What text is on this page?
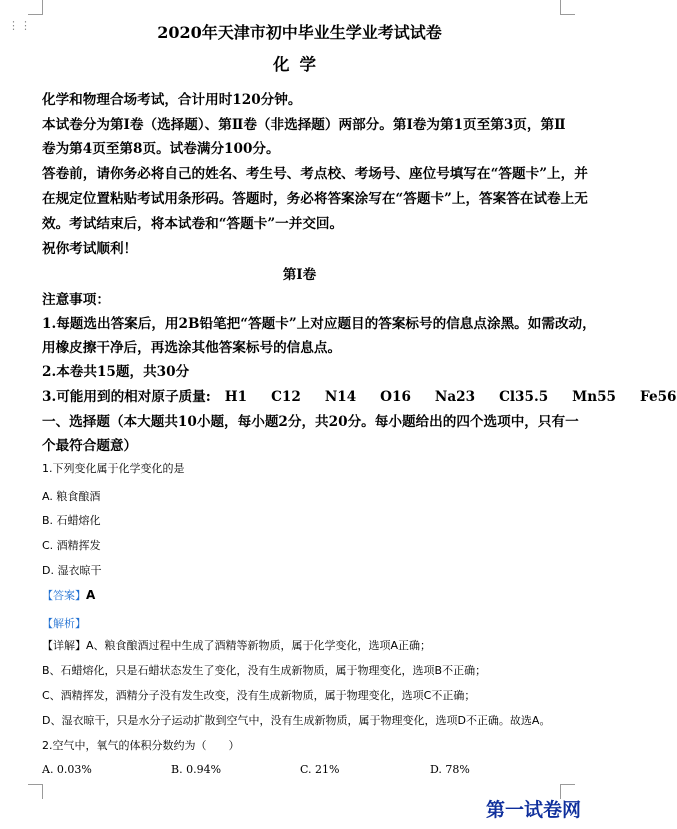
⋮⋮	2020年天津市初中毕业生学业考试试卷
化学
化学和物理合场考试，合计用时120分钟。
本试卷分为第Ⅰ卷（选择题）、第Ⅱ卷（非选择题）两部分。第Ⅰ卷为第1页至第3页，第Ⅱ
卷为第4页至第8页。试卷满分100分。
答卷前，请你务必将自己的姓名、考生号、考点校、考场号、座位号填写在“答题卡”上，并
在规定位置粘贴考试用条形码。答题时，务必将答案涂写在“答题卡”上，答案答在试卷上无
效。考试结束后，将本试卷和“答题卡”一并交回。
祝你考试顺利！
第Ⅰ卷
注意事项：
1.每题选出答案后，用2B铅笔把“答题卡”上对应题目的答案标号的信息点涂黑。如需改动，
用橡皮擦干净后，再选涂其他答案标号的信息点。
2.本卷共15题，共30分
3.可能用到的相对原子质量: H1 C12 N14 O16 Na23 Cl35.5 Mn55 Fe56
一、选择题（本大题共10小题，每小题2分，共20分。每小题给出的四个选项中，只有一
个最符合题意）
1.下列变化属于化学变化的是
A. 粮食酿酒
B. 石蜡熔化
C. 酒精挥发
D. 湿衣晾干
【答案】A
【解析】
【详解】A、粮食酿酒过程中生成了酒精等新物质，属于化学变化，选项A正确；
B、石蜡熔化，只是石蜡状态发生了变化，没有生成新物质，属于物理变化，选项B不正确；
C、酒精挥发，酒精分子没有发生改变，没有生成新物质，属于物理变化，选项C不正确；
D、湿衣晾干，只是水分子运动扩散到空气中，没有生成新物质，属于物理变化，选项D不正确。故选A。
2.空气中，氧气的体积分数约为（　　）
A. 0.03%	B. 0.94%	C. 21%	D. 78%
第一试卷网
